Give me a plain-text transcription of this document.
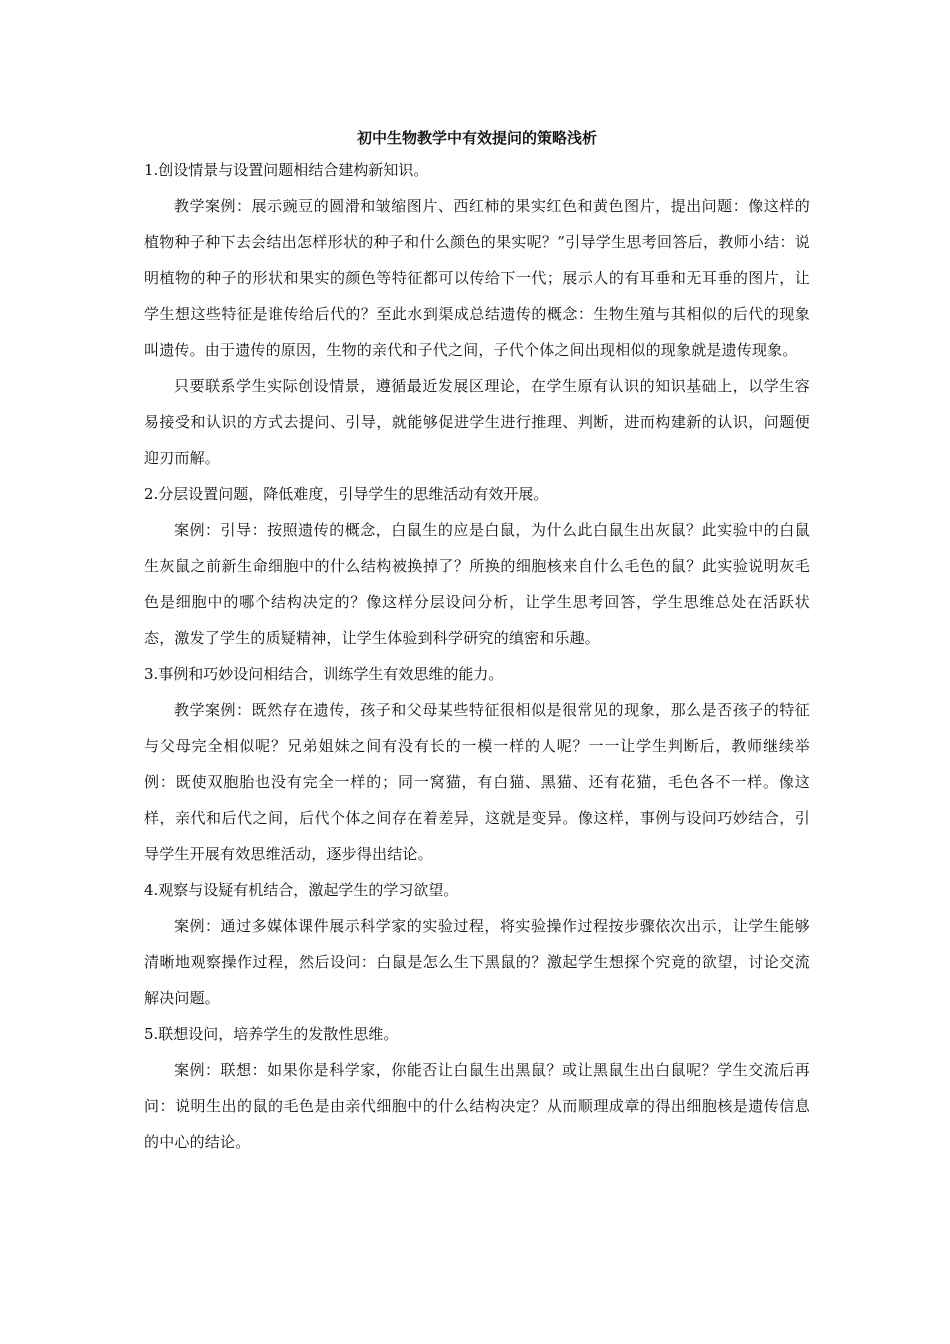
初中生物教学中有效提问的策略浅析

1.创设情景与设置问题相结合建构新知识。

教学案例：展示豌豆的圆滑和皱缩图片、西红柿的果实红色和黄色图片，提出问题：像这样的植物种子种下去会结出怎样形状的种子和什么颜色的果实呢？”引导学生思考回答后，教师小结：说明植物的种子的形状和果实的颜色等特征都可以传给下一代；展示人的有耳垂和无耳垂的图片，让学生想这些特征是谁传给后代的？至此水到渠成总结遗传的概念：生物生殖与其相似的后代的现象叫遗传。由于遗传的原因，生物的亲代和子代之间，子代个体之间出现相似的现象就是遗传现象。

只要联系学生实际创设情景，遵循最近发展区理论，在学生原有认识的知识基础上，以学生容易接受和认识的方式去提问、引导，就能够促进学生进行推理、判断，进而构建新的认识，问题便迎刃而解。

2.分层设置问题，降低难度，引导学生的思维活动有效开展。

案例：引导：按照遗传的概念，白鼠生的应是白鼠，为什么此白鼠生出灰鼠？此实验中的白鼠生灰鼠之前新生命细胞中的什么结构被换掉了？所换的细胞核来自什么毛色的鼠？此实验说明灰毛色是细胞中的哪个结构决定的？像这样分层设问分析，让学生思考回答，学生思维总处在活跃状态，激发了学生的质疑精神，让学生体验到科学研究的缜密和乐趣。

3.事例和巧妙设问相结合，训练学生有效思维的能力。

教学案例：既然存在遗传，孩子和父母某些特征很相似是很常见的现象，那么是否孩子的特征与父母完全相似呢？兄弟姐妹之间有没有长的一模一样的人呢？一一让学生判断后，教师继续举例：既使双胞胎也没有完全一样的；同一窝猫，有白猫、黑猫、还有花猫，毛色各不一样。像这样，亲代和后代之间，后代个体之间存在着差异，这就是变异。像这样，事例与设问巧妙结合，引导学生开展有效思维活动，逐步得出结论。

4.观察与设疑有机结合，激起学生的学习欲望。

案例：通过多媒体课件展示科学家的实验过程，将实验操作过程按步骤依次出示，让学生能够清晰地观察操作过程，然后设问：白鼠是怎么生下黑鼠的？激起学生想探个究竟的欲望，讨论交流解决问题。

5.联想设问，培养学生的发散性思维。

案例：联想：如果你是科学家，你能否让白鼠生出黑鼠？或让黑鼠生出白鼠呢？学生交流后再问：说明生出的鼠的毛色是由亲代细胞中的什么结构决定？从而顺理成章的得出细胞核是遗传信息的中心的结论。
